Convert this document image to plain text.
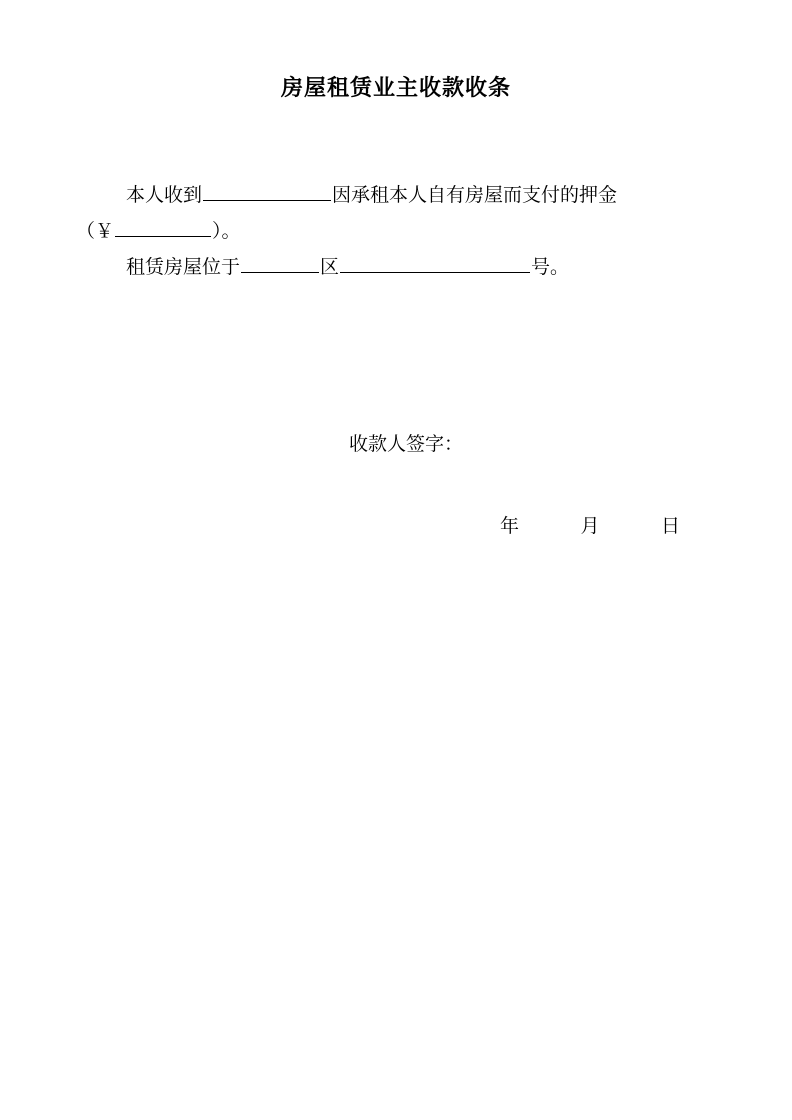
房屋租赁业主收款收条
本人收到	因承租本人自有房屋而支付的押金
（￥	）。
租赁房屋位于	区	号。
收款人签字：
年	月	日
